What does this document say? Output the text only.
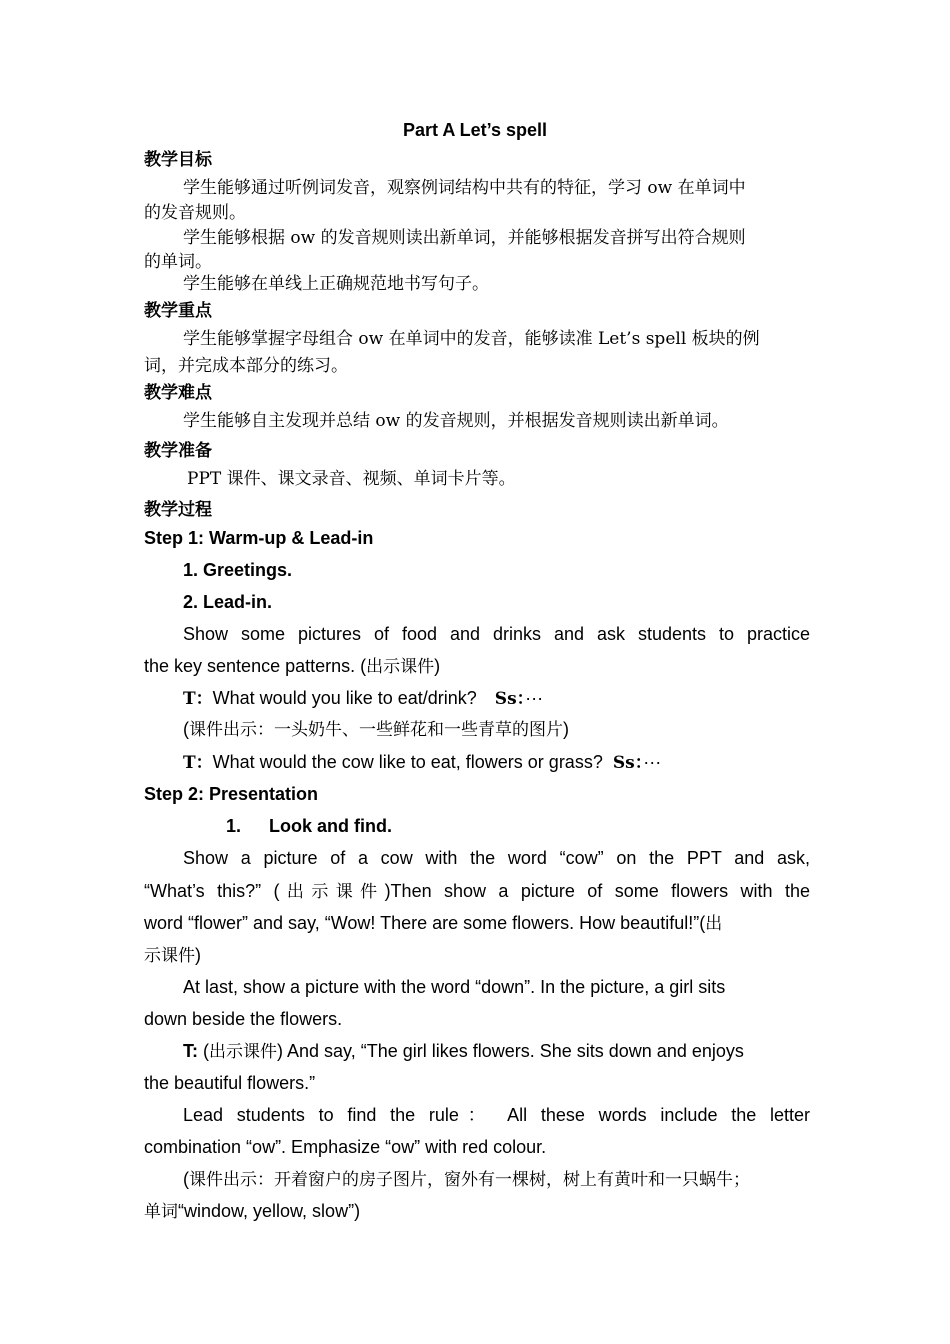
Part A Let’s spell
教学目标
学生能够通过听例词发音，观察例词结构中共有的特征，学习 ow 在单词中
的发音规则。
学生能够根据 ow 的发音规则读出新单词，并能够根据发音拼写出符合规则
的单词。
学生能够在单线上正确规范地书写句子。
教学重点
学生能够掌握字母组合 ow 在单词中的发音，能够读准 Let’s spell 板块的例
词，并完成本部分的练习。
教学难点
学生能够自主发现并总结 ow 的发音规则，并根据发音规则读出新单词。
教学准备
PPT 课件、课文录音、视频、单词卡片等。
教学过程
Step 1: Warm-up & Lead-in
1. Greetings.
2. Lead-in.
Show some pictures of food and drinks and ask students to practice
the key sentence patterns. (出示课件)
T：What would you like to eat/drink? Ss：···
(课件出示：一头奶牛、一些鲜花和一些青草的图片)
T：What would the cow like to eat, flowers or grass? Ss：···
Step 2: Presentation
1. Look and find.
Show a picture of a cow with the word “cow” on the PPT and ask,
“What’s this?” (出示课件)Then show a picture of some flowers with the
word “flower” and say, “Wow! There are some flowers. How beautiful!”(出
示课件)
At last, show a picture with the word “down”. In the picture, a girl sits
down beside the flowers.
T: (出示课件) And say, “The girl likes flowers. She sits down and enjoys
the beautiful flowers.”
Lead students to find the rule： All these words include the letter
combination “ow”. Emphasize “ow” with red colour.
(课件出示：开着窗户的房子图片，窗外有一棵树，树上有黄叶和一只蜗牛；
单词“window, yellow, slow”)
